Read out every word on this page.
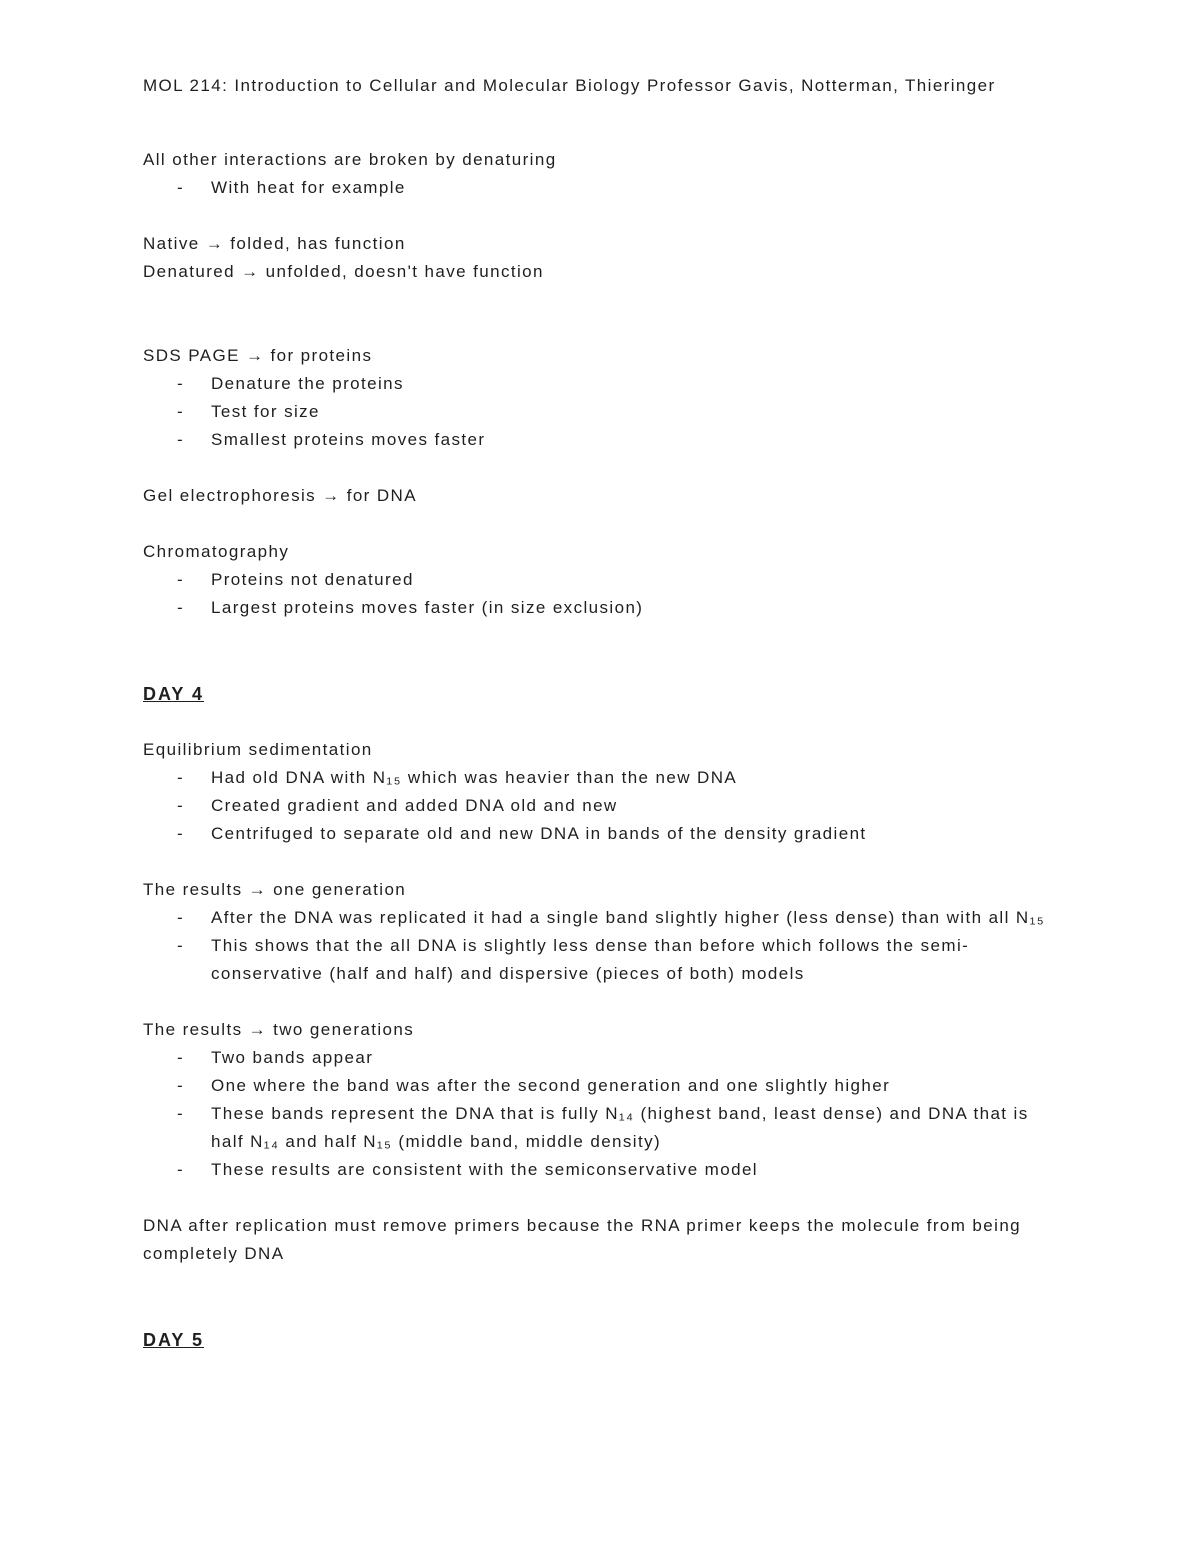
MOL 214: Introduction to Cellular and Molecular Biology Professor Gavis, Notterman, Thieringer

All other interactions are broken by denaturing

- With heat for example

Native → folded, has function

Denatured → unfolded, doesn't have function

SDS PAGE → for proteins

- Denature the proteins
- Test for size
- Smallest proteins moves faster

Gel electrophoresis → for DNA

Chromatography

- Proteins not denatured
- Largest proteins moves faster (in size exclusion)

DAY 4

Equilibrium sedimentation

- Had old DNA with N₁₅ which was heavier than the new DNA
- Created gradient and added DNA old and new
- Centrifuged to separate old and new DNA in bands of the density gradient

The results → one generation

- After the DNA was replicated it had a single band slightly higher (less dense) than with all N₁₅
- This shows that the all DNA is slightly less dense than before which follows the semi-conservative (half and half) and dispersive (pieces of both) models

The results → two generations

- Two bands appear
- One where the band was after the second generation and one slightly higher
- These bands represent the DNA that is fully N₁₄ (highest band, least dense) and DNA that is half N₁₄ and half N₁₅ (middle band, middle density)
- These results are consistent with the semiconservative model

DNA after replication must remove primers because the RNA primer keeps the molecule from being completely DNA

DAY 5
